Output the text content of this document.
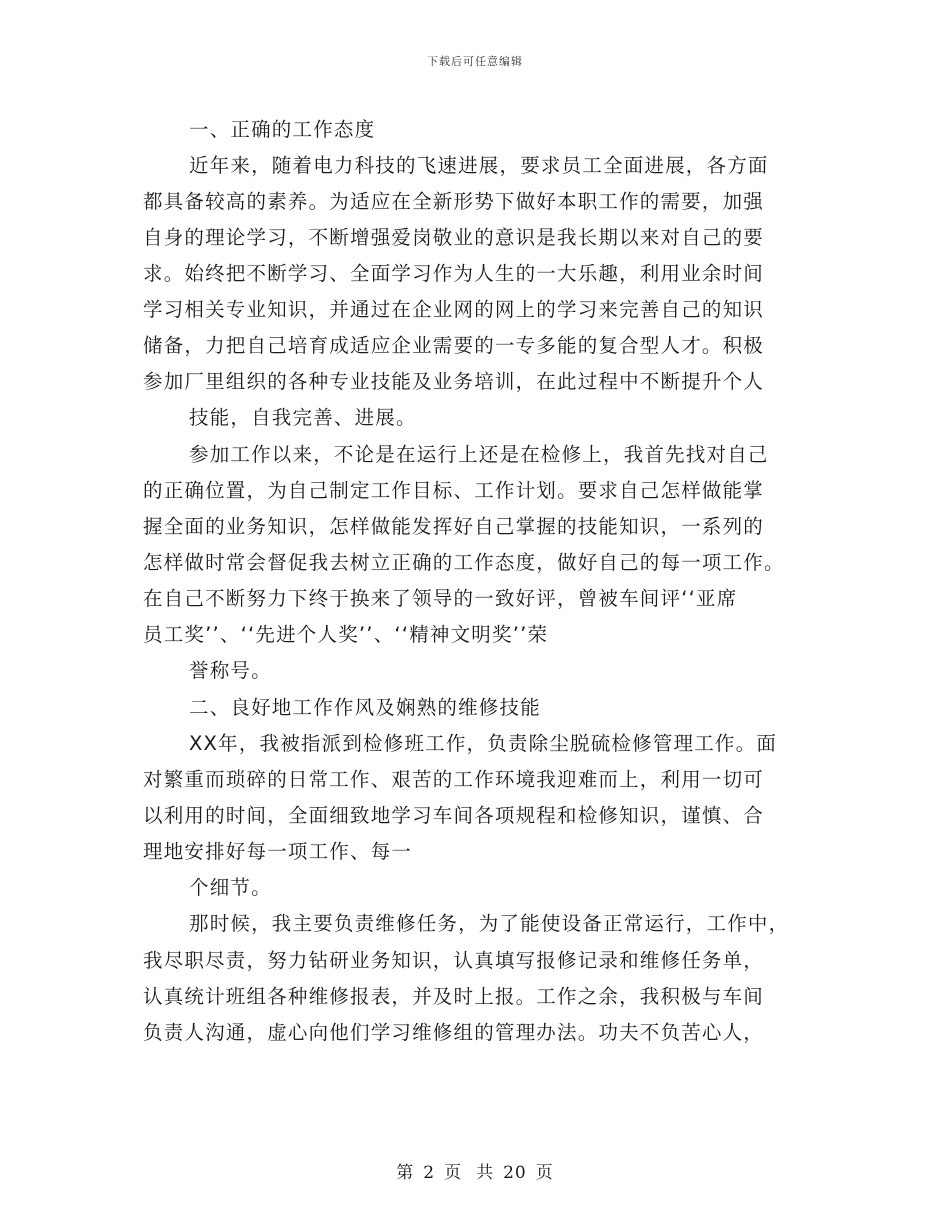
下载后可任意编辑
一、正确的工作态度
近年来，随着电力科技的飞速进展，要求员工全面进展，各方面
都具备较高的素养。为适应在全新形势下做好本职工作的需要，加强
自身的理论学习，不断增强爱岗敬业的意识是我长期以来对自己的要
求。始终把不断学习、全面学习作为人生的一大乐趣，利用业余时间
学习相关专业知识，并通过在企业网的网上的学习来完善自己的知识
储备，力把自己培育成适应企业需要的一专多能的复合型人才。积极
参加厂里组织的各种专业技能及业务培训，在此过程中不断提升个人
技能，自我完善、进展。
参加工作以来，不论是在运行上还是在检修上，我首先找对自己
的正确位置，为自己制定工作目标、工作计划。要求自己怎样做能掌
握全面的业务知识，怎样做能发挥好自己掌握的技能知识，一系列的
怎样做时常会督促我去树立正确的工作态度，做好自己的每一项工作。
在自己不断努力下终于换来了领导的一致好评，曾被车间评‘‘亚席
员工奖’’、‘‘先进个人奖’’、‘‘精神文明奖’’荣
誉称号。
二、良好地工作作风及娴熟的维修技能
XX年，我被指派到检修班工作，负责除尘脱硫检修管理工作。面
对繁重而琐碎的日常工作、艰苦的工作环境我迎难而上，利用一切可
以利用的时间，全面细致地学习车间各项规程和检修知识，谨慎、合
理地安排好每一项工作、每一
个细节。
那时候，我主要负责维修任务，为了能使设备正常运行，工作中，
我尽职尽责，努力钻研业务知识，认真填写报修记录和维修任务单，
认真统计班组各种维修报表，并及时上报。工作之余，我积极与车间
负责人沟通，虚心向他们学习维修组的管理办法。功夫不负苦心人，
第 2 页 共 20 页
